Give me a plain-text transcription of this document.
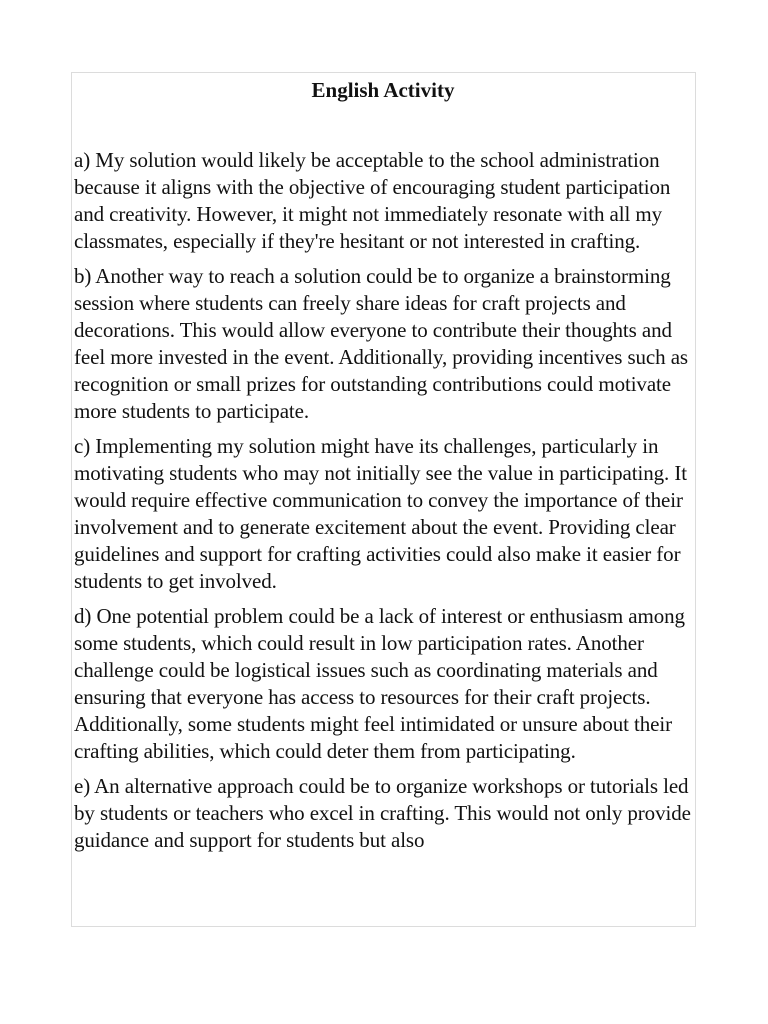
English Activity

a) My solution would likely be acceptable to the school administration because it aligns with the objective of encouraging student participation and creativity. However, it might not immediately resonate with all my classmates, especially if they're hesitant or not interested in crafting.

b) Another way to reach a solution could be to organize a brainstorming session where students can freely share ideas for craft projects and decorations. This would allow everyone to contribute their thoughts and feel more invested in the event. Additionally, providing incentives such as recognition or small prizes for outstanding contributions could motivate more students to participate.

c) Implementing my solution might have its challenges, particularly in motivating students who may not initially see the value in participating. It would require effective communication to convey the importance of their involvement and to generate excitement about the event. Providing clear guidelines and support for crafting activities could also make it easier for students to get involved.

d) One potential problem could be a lack of interest or enthusiasm among some students, which could result in low participation rates. Another challenge could be logistical issues such as coordinating materials and ensuring that everyone has access to resources for their craft projects. Additionally, some students might feel intimidated or unsure about their crafting abilities, which could deter them from participating.

e) An alternative approach could be to organize workshops or tutorials led by students or teachers who excel in crafting. This would not only provide guidance and support for students but also
